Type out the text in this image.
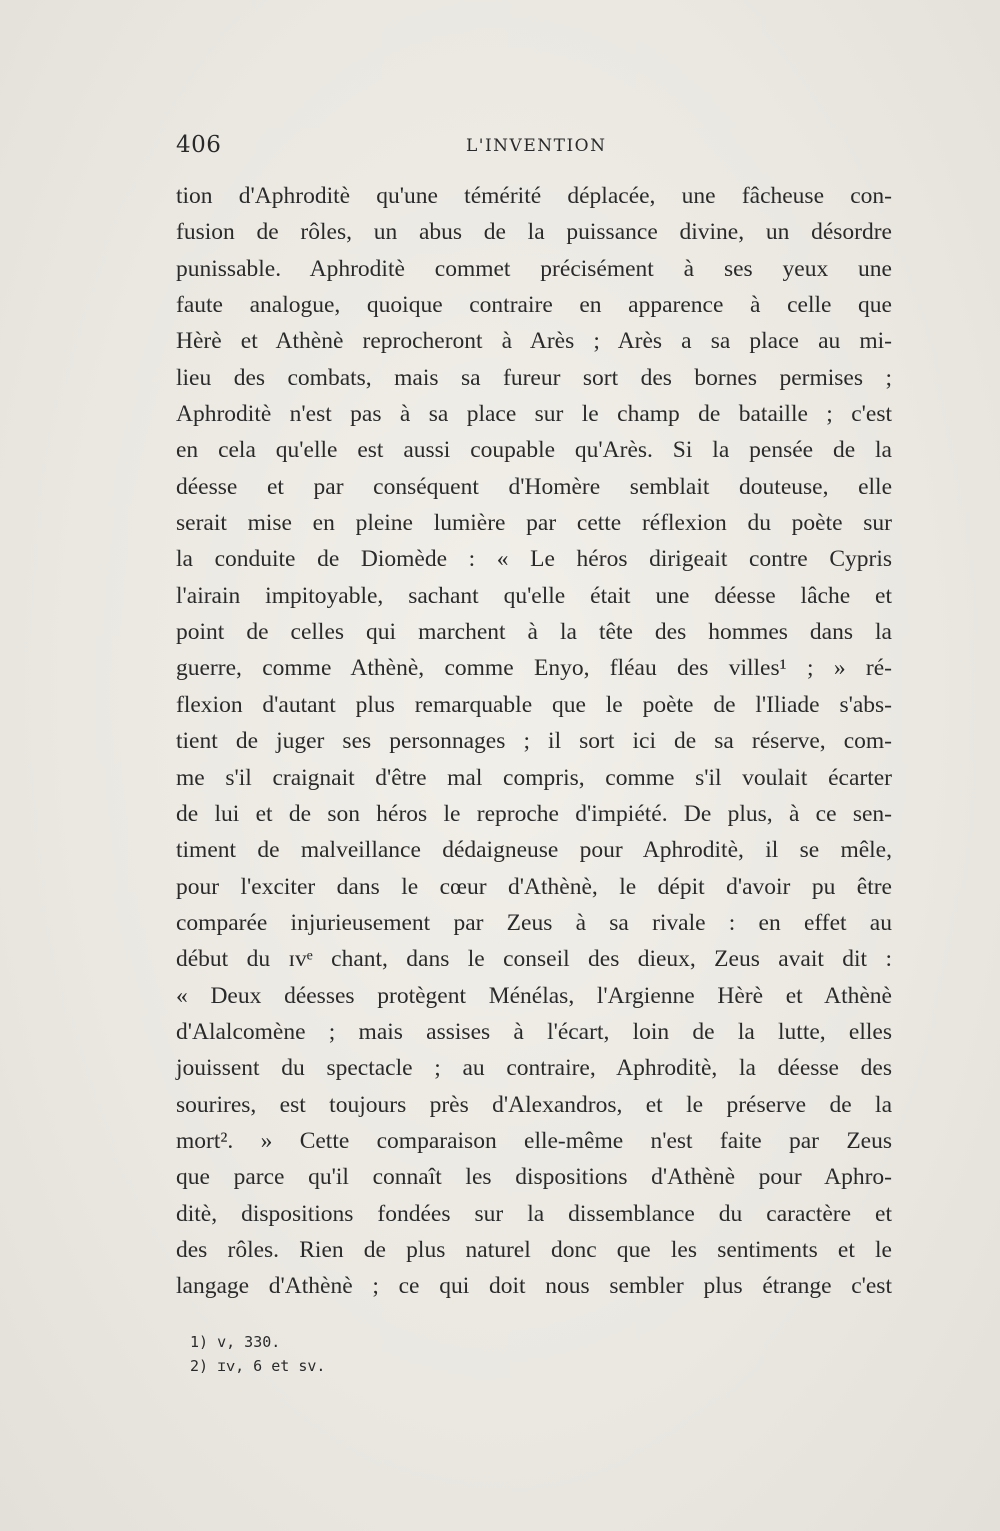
406	L'INVENTION
tion d'Aphroditè qu'une témérité déplacée, une fâcheuse con-
fusion de rôles, un abus de la puissance divine, un désordre
punissable. Aphroditè commet précisément à ses yeux une
faute analogue, quoique contraire en apparence à celle que
Hèrè et Athènè reprocheront à Arès ; Arès a sa place au mi-
lieu des combats, mais sa fureur sort des bornes permises ;
Aphroditè n'est pas à sa place sur le champ de bataille ; c'est
en cela qu'elle est aussi coupable qu'Arès. Si la pensée de la
déesse et par conséquent d'Homère semblait douteuse, elle
serait mise en pleine lumière par cette réflexion du poète sur
la conduite de Diomède : « Le héros dirigeait contre Cypris
l'airain impitoyable, sachant qu'elle était une déesse lâche et
point de celles qui marchent à la tête des hommes dans la
guerre, comme Athènè, comme Enyo, fléau des villes¹ ; » ré-
flexion d'autant plus remarquable que le poète de l'Iliade s'abs-
tient de juger ses personnages ; il sort ici de sa réserve, com-
me s'il craignait d'être mal compris, comme s'il voulait écarter
de lui et de son héros le reproche d'impiété. De plus, à ce sen-
timent de malveillance dédaigneuse pour Aphroditè, il se mêle,
pour l'exciter dans le cœur d'Athènè, le dépit d'avoir pu être
comparée injurieusement par Zeus à sa rivale : en effet au
début du ɪᴠᵉ chant, dans le conseil des dieux, Zeus avait dit :
« Deux déesses protègent Ménélas, l'Argienne Hèrè et Athènè
d'Alalcomène ; mais assises à l'écart, loin de la lutte, elles
jouissent du spectacle ; au contraire, Aphroditè, la déesse des
sourires, est toujours près d'Alexandros, et le préserve de la
mort². » Cette comparaison elle-même n'est faite par Zeus
que parce qu'il connaît les dispositions d'Athènè pour Aphro-
ditè, dispositions fondées sur la dissemblance du caractère et
des rôles. Rien de plus naturel donc que les sentiments et le
langage d'Athènè ; ce qui doit nous sembler plus étrange c'est
1) v, 330.
2) ɪᴠ, 6 et sv.
